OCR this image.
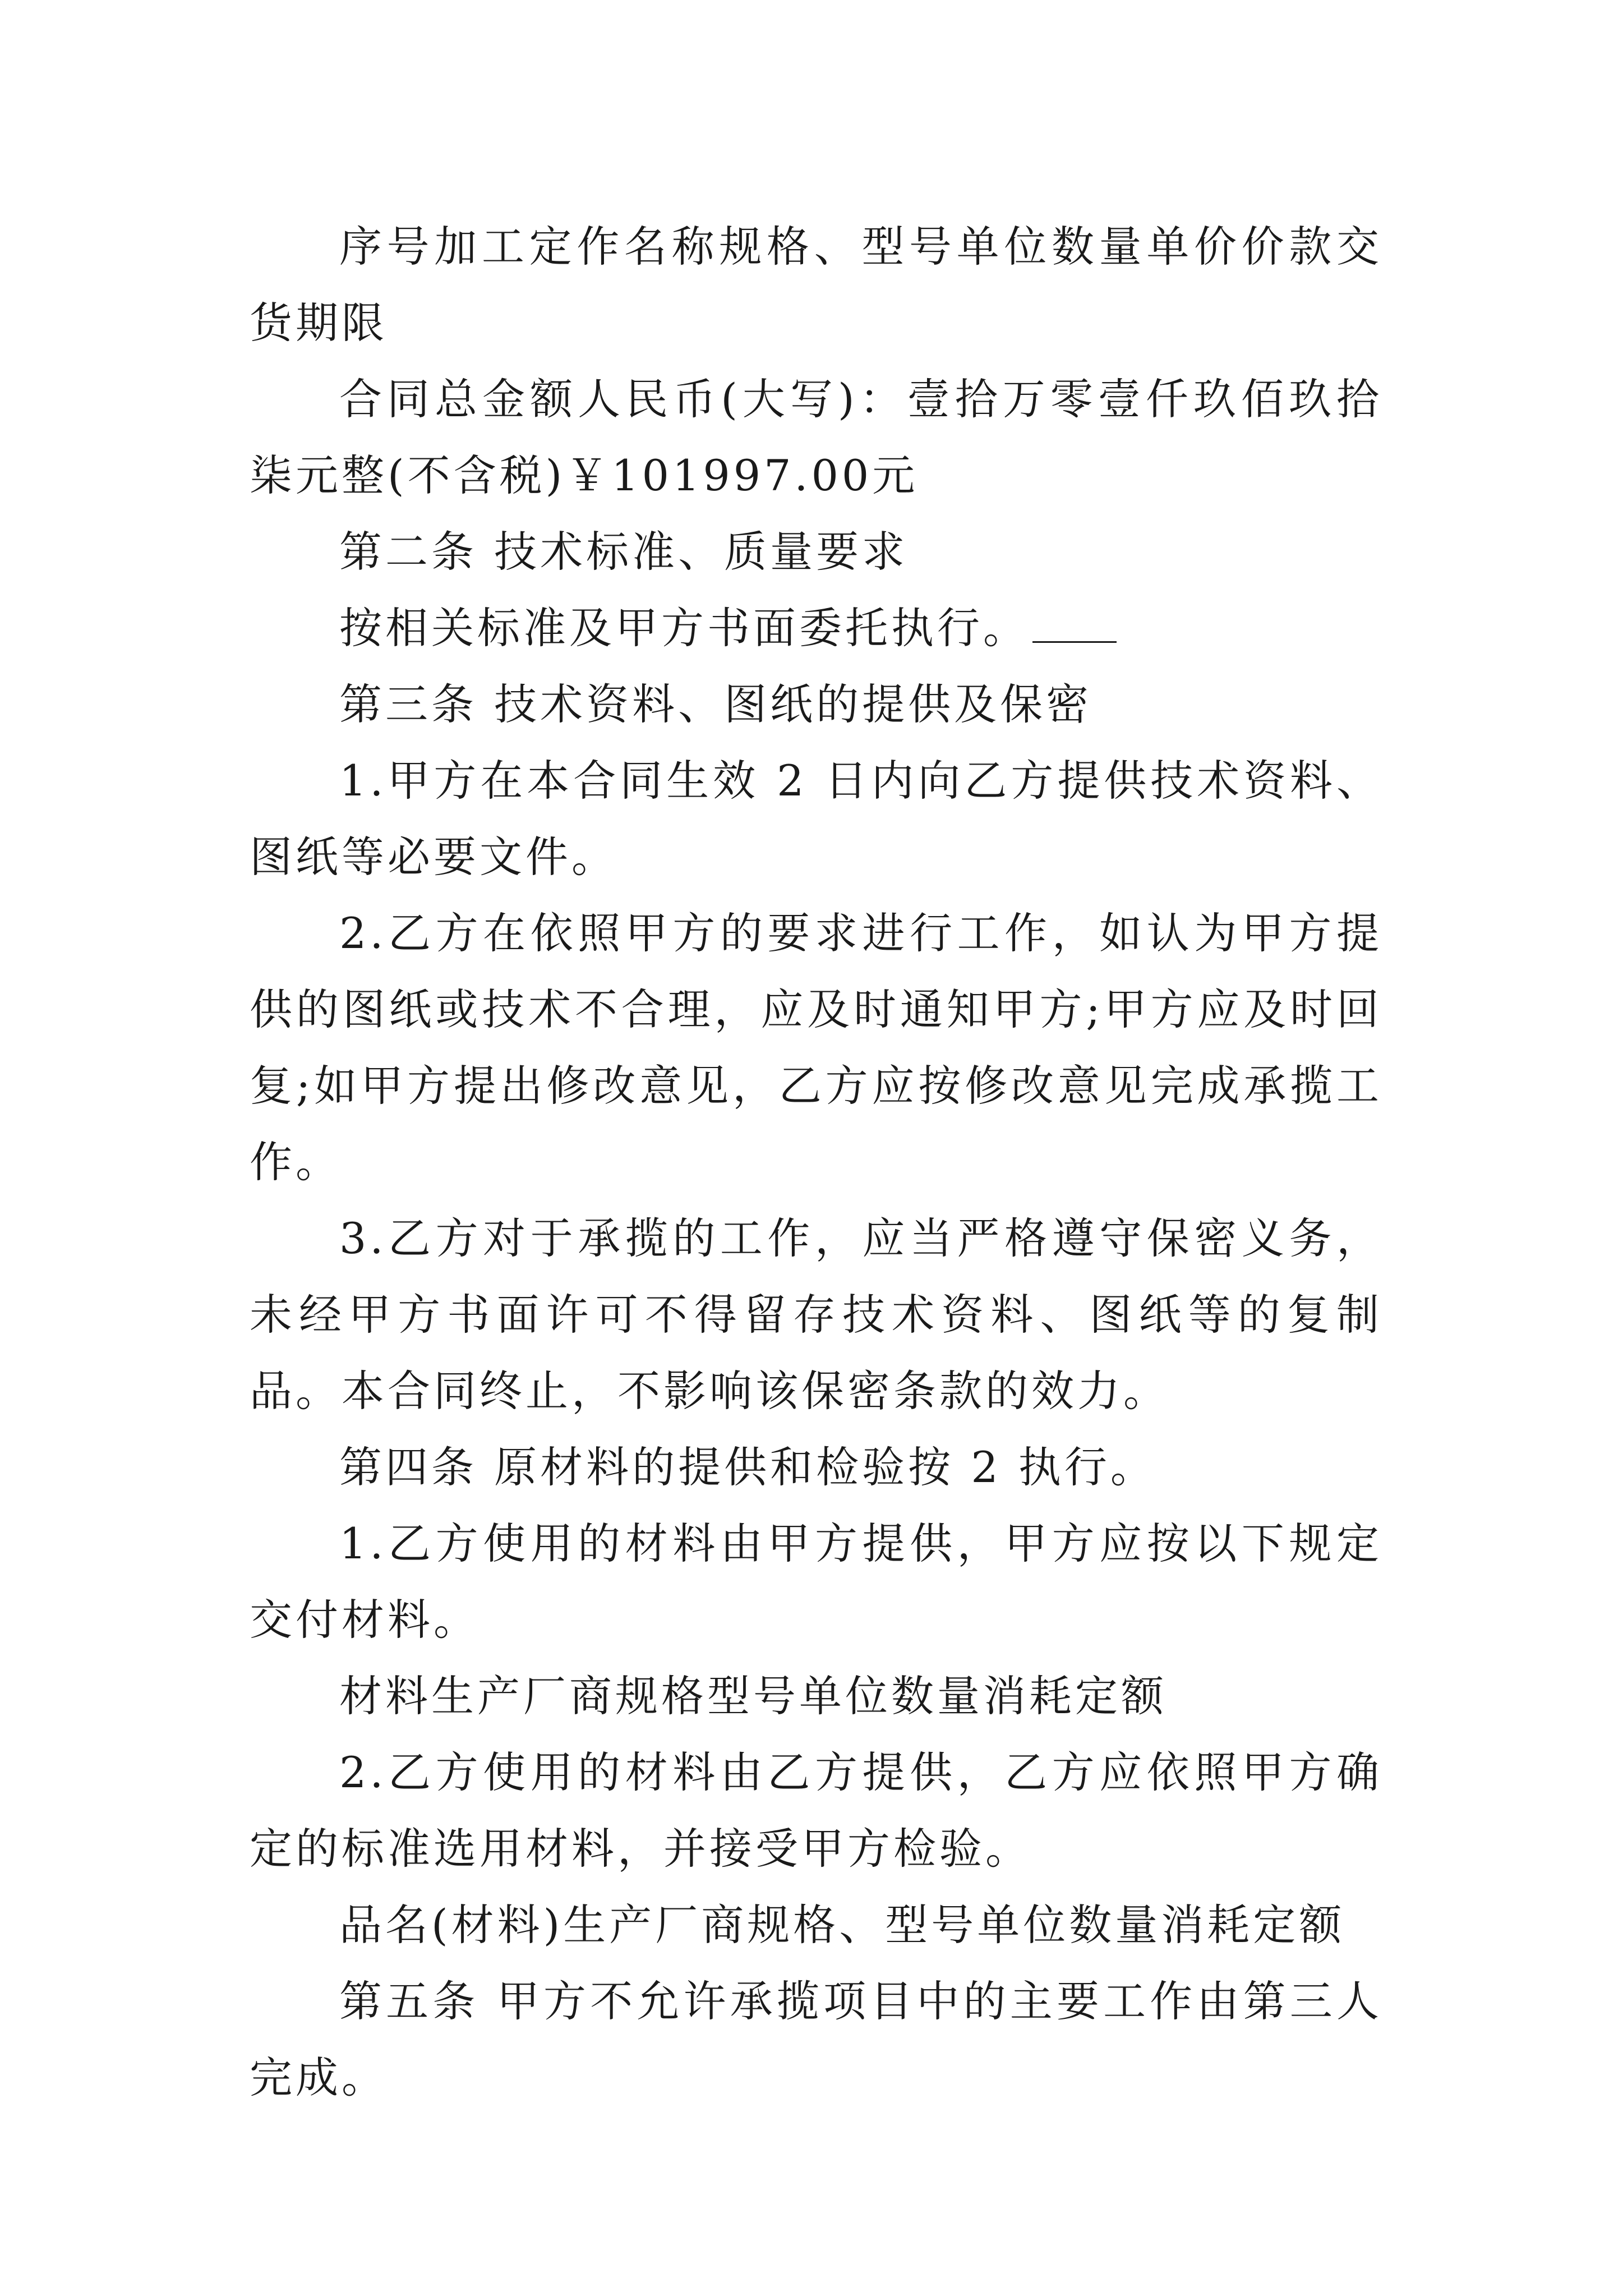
序号加工定作名称规格、型号单位数量单价价款交货期限

合同总金额人民币(大写)：壹拾万零壹仟玖佰玖拾柒元整(不含税)￥101997.00元

第二条 技术标准、质量要求

按相关标准及甲方书面委托执行。

第三条 技术资料、图纸的提供及保密

1.甲方在本合同生效 2 日内向乙方提供技术资料、图纸等必要文件。

2.乙方在依照甲方的要求进行工作，如认为甲方提供的图纸或技术不合理，应及时通知甲方;甲方应及时回复;如甲方提出修改意见，乙方应按修改意见完成承揽工作。

3.乙方对于承揽的工作，应当严格遵守保密义务，未经甲方书面许可不得留存技术资料、图纸等的复制品。本合同终止，不影响该保密条款的效力。

第四条 原材料的提供和检验按 2 执行。

1.乙方使用的材料由甲方提供，甲方应按以下规定交付材料。

材料生产厂商规格型号单位数量消耗定额

2.乙方使用的材料由乙方提供，乙方应依照甲方确定的标准选用材料，并接受甲方检验。

品名(材料)生产厂商规格、型号单位数量消耗定额

第五条 甲方不允许承揽项目中的主要工作由第三人完成。
